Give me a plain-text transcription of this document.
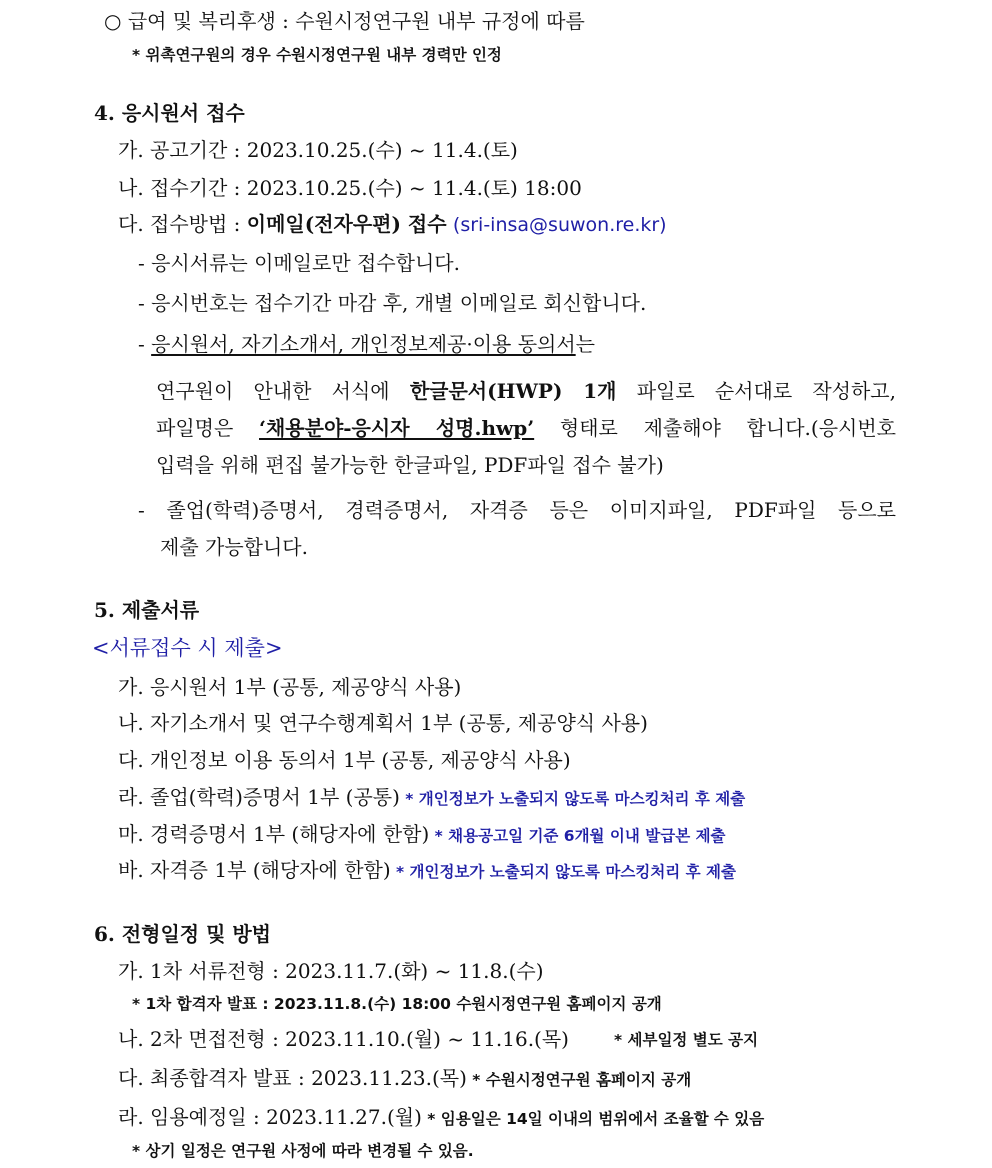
○ 급여 및 복리후생 : 수원시정연구원 내부 규정에 따름
* 위촉연구원의 경우 수원시정연구원 내부 경력만 인정
4. 응시원서 접수
가. 공고기간 : 2023.10.25.(수) ~ 11.4.(토)
나. 접수기간 : 2023.10.25.(수) ~ 11.4.(토) 18:00
다. 접수방법 : 이메일(전자우편) 접수 (sri-insa@suwon.re.kr)
- 응시서류는 이메일로만 접수합니다.
- 응시번호는 접수기간 마감 후, 개별 이메일로 회신합니다.
- 응시원서, 자기소개서, 개인정보제공·이용 동의서는
연구원이 안내한 서식에 한글문서(HWP) 1개 파일로 순서대로 작성하고,
파일명은 ‘채용분야-응시자 성명.hwp’ 형태로 제출해야 합니다.(응시번호
입력을 위해 편집 불가능한 한글파일, PDF파일 접수 불가)
- 졸업(학력)증명서, 경력증명서, 자격증 등은 이미지파일, PDF파일 등으로
제출 가능합니다.
5. 제출서류
<서류접수 시 제출>
가. 응시원서 1부 (공통, 제공양식 사용)
나. 자기소개서 및 연구수행계획서 1부 (공통, 제공양식 사용)
다. 개인정보 이용 동의서 1부 (공통, 제공양식 사용)
라. 졸업(학력)증명서 1부 (공통) * 개인정보가 노출되지 않도록 마스킹처리 후 제출
마. 경력증명서 1부 (해당자에 한함) * 채용공고일 기준 6개월 이내 발급본 제출
바. 자격증 1부 (해당자에 한함) * 개인정보가 노출되지 않도록 마스킹처리 후 제출
6. 전형일정 및 방법
가. 1차 서류전형 : 2023.11.7.(화) ~ 11.8.(수)
* 1차 합격자 발표 : 2023.11.8.(수) 18:00 수원시정연구원 홈페이지 공개
나. 2차 면접전형 : 2023.11.10.(월) ~ 11.16.(목)	* 세부일정 별도 공지
다. 최종합격자 발표 : 2023.11.23.(목) * 수원시정연구원 홈페이지 공개
라. 임용예정일 : 2023.11.27.(월) * 임용일은 14일 이내의 범위에서 조율할 수 있음
* 상기 일정은 연구원 사정에 따라 변경될 수 있음.
